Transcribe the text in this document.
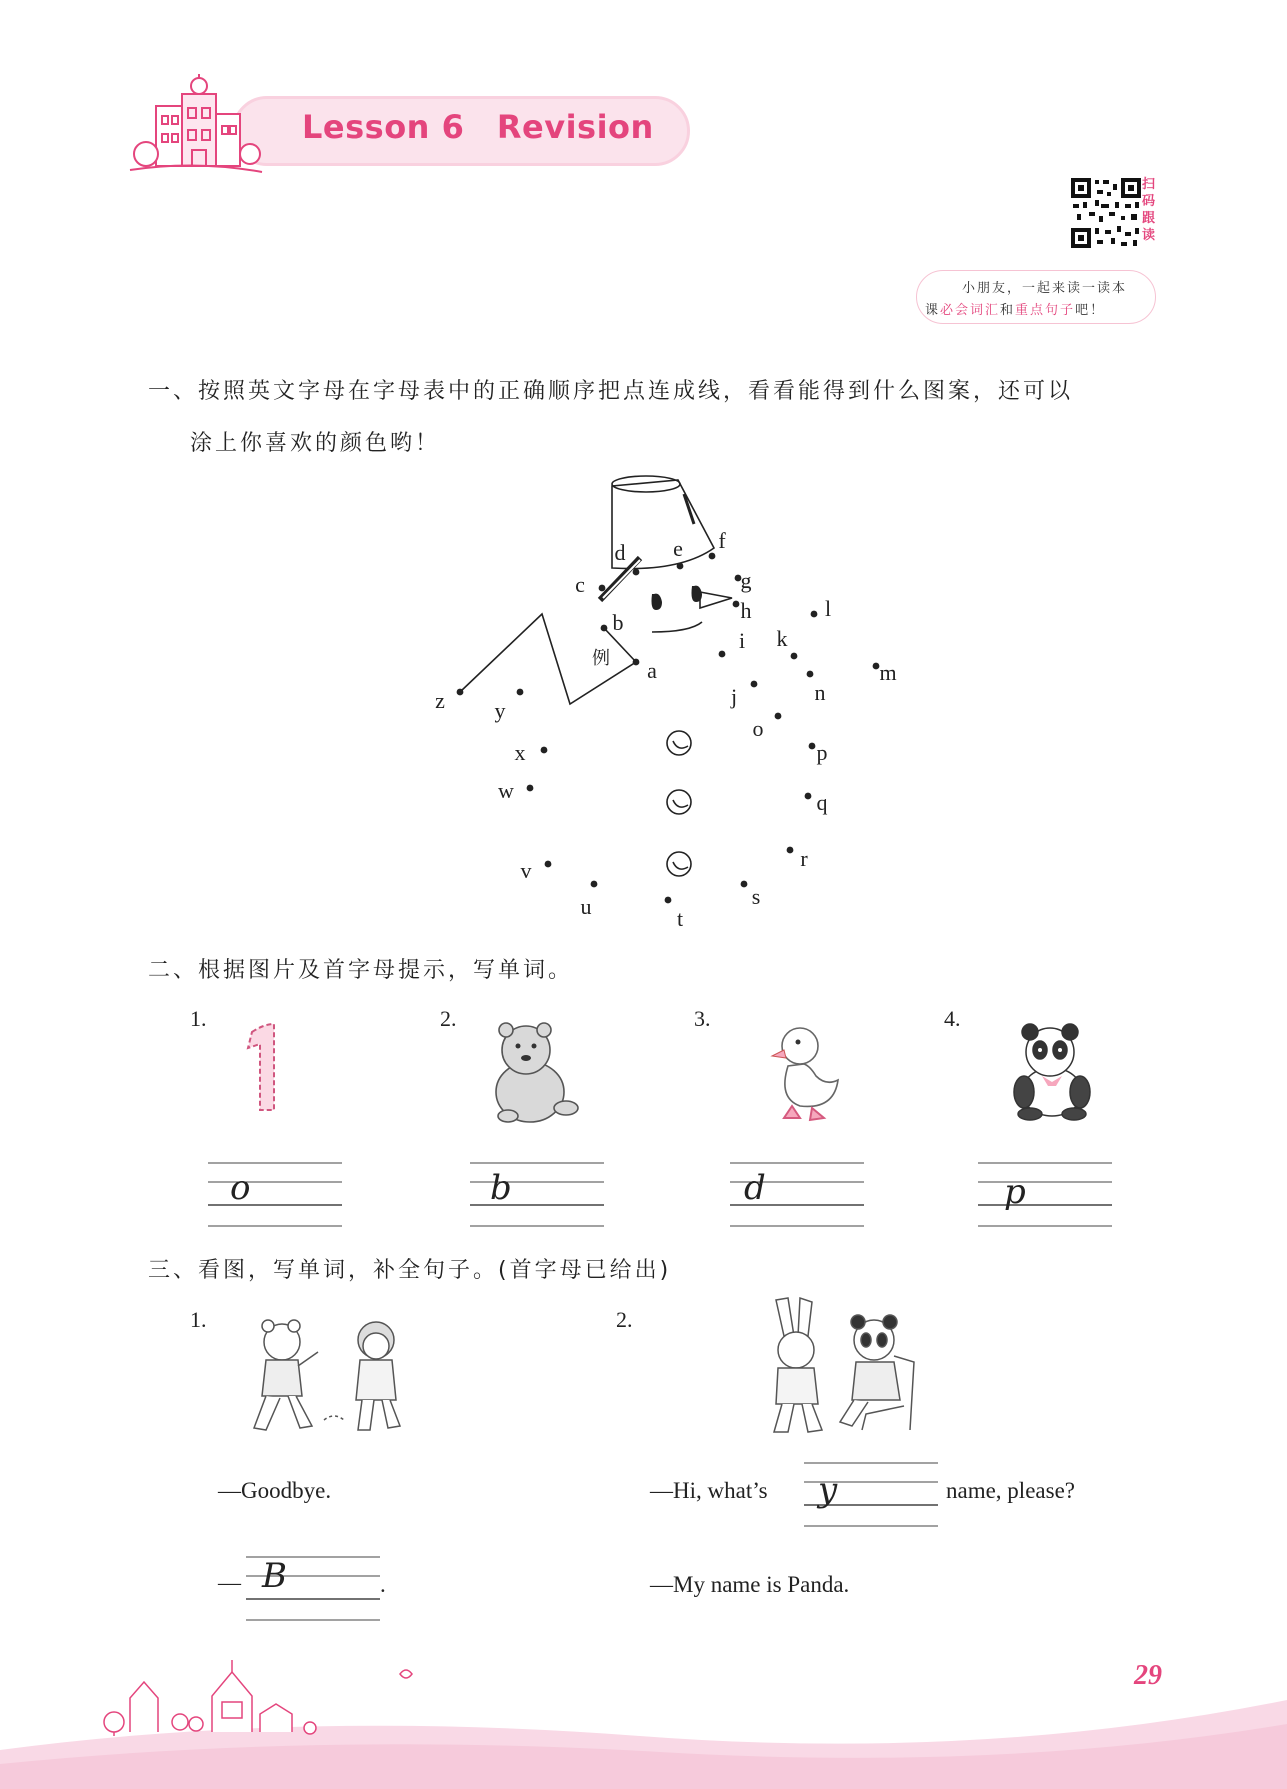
Lesson 6 Revision
扫码跟读
小朋友，一起来读一读本
课必会词汇和重点句子吧！
一、按照英文字母在字母表中的正确顺序把点连成线，看看能得到什么图案，还可以
涂上你喜欢的颜色哟！
a
b
c
d e f
g
h
i
j
k
l
m
n
o
p
q
r
s
t
u
v
w
x
y
z
例
二、根据图片及首字母提示，写单词。
1.	2.	3.	4.
o	b	d	p
三、看图，写单词，补全句子。(首字母已给出)
1.	2.
—Goodbye.
— B	.
—Hi, what’s y	name, please?
—My name is Panda.
29
